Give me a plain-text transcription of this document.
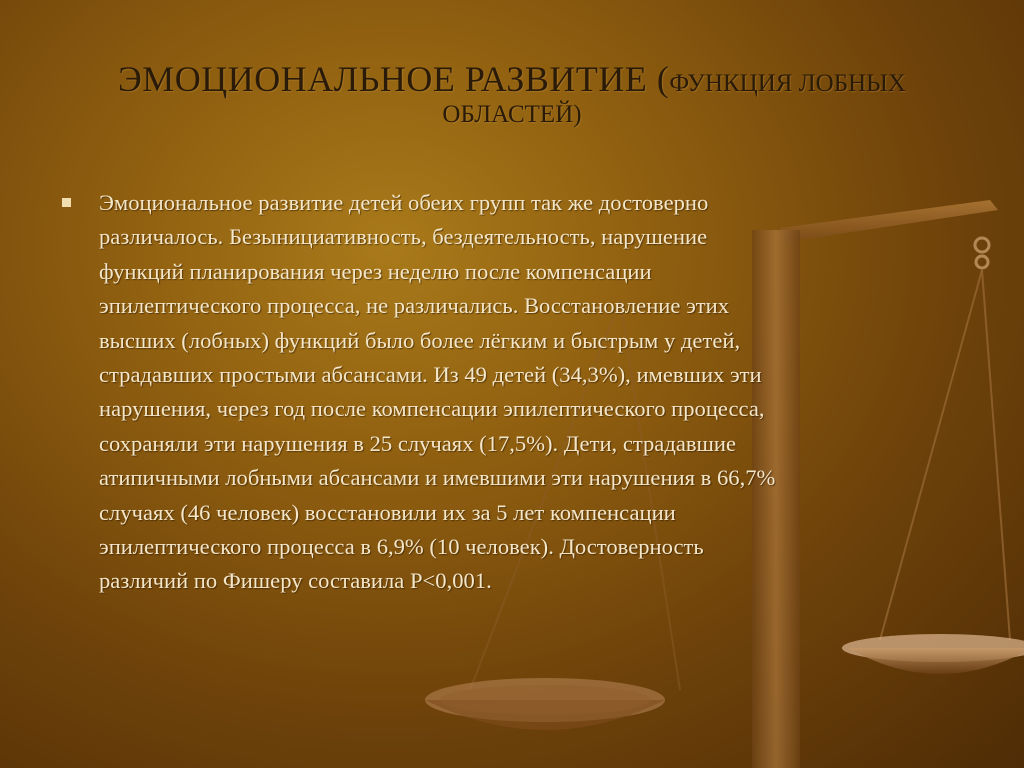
ЭМОЦИОНАЛЬНОЕ РАЗВИТИЕ (ФУНКЦИЯ ЛОБНЫХ
ОБЛАСТЕЙ)
Эмоциональное развитие детей обеих групп так же достоверно
различалось. Безынициативность, бездеятельность, нарушение
функций планирования через неделю после компенсации
эпилептического процесса, не различались. Восстановление этих
высших (лобных) функций было более лёгким и быстрым у детей,
страдавших простыми абсансами. Из 49 детей (34,3%), имевших эти
нарушения, через год после компенсации эпилептического процесса,
сохраняли эти нарушения в 25 случаях (17,5%). Дети, страдавшие
атипичными лобными абсансами и имевшими эти нарушения в 66,7%
случаях (46 человек) восстановили их за 5 лет компенсации
эпилептического процесса в 6,9% (10 человек). Достоверность
различий по Фишеру составила Р<0,001.
